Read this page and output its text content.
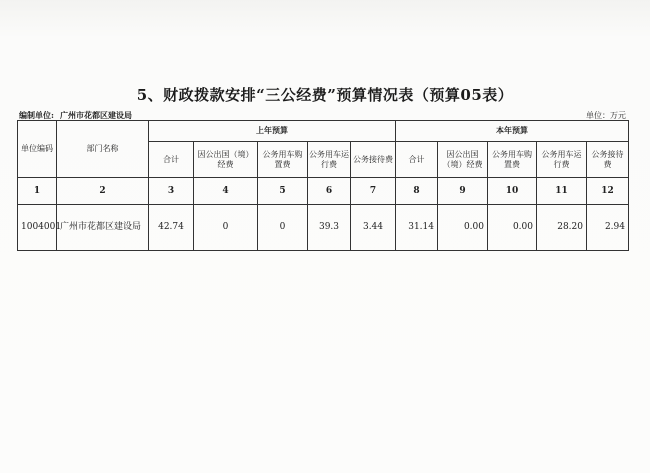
5、财政拨款安排“三公经费”预算情况表（预算05表）
编制单位: 广州市花都区建设局	单位：万元
单位编码	部门名称	上年预算					本年预算				
		合计	因公出国（境）经费	公务用车购置费	公务用车运行费	公务接待费	合计	因公出国（境）经费	公务用车购置费	公务用车运行费	公务接待费
1	2	3	4	5	6	7	8	9	10	11	12
1004001	广州市花都区建设局	42.74	0	0	39.3	3.44	31.14	0.00	0.00	28.20	2.94
